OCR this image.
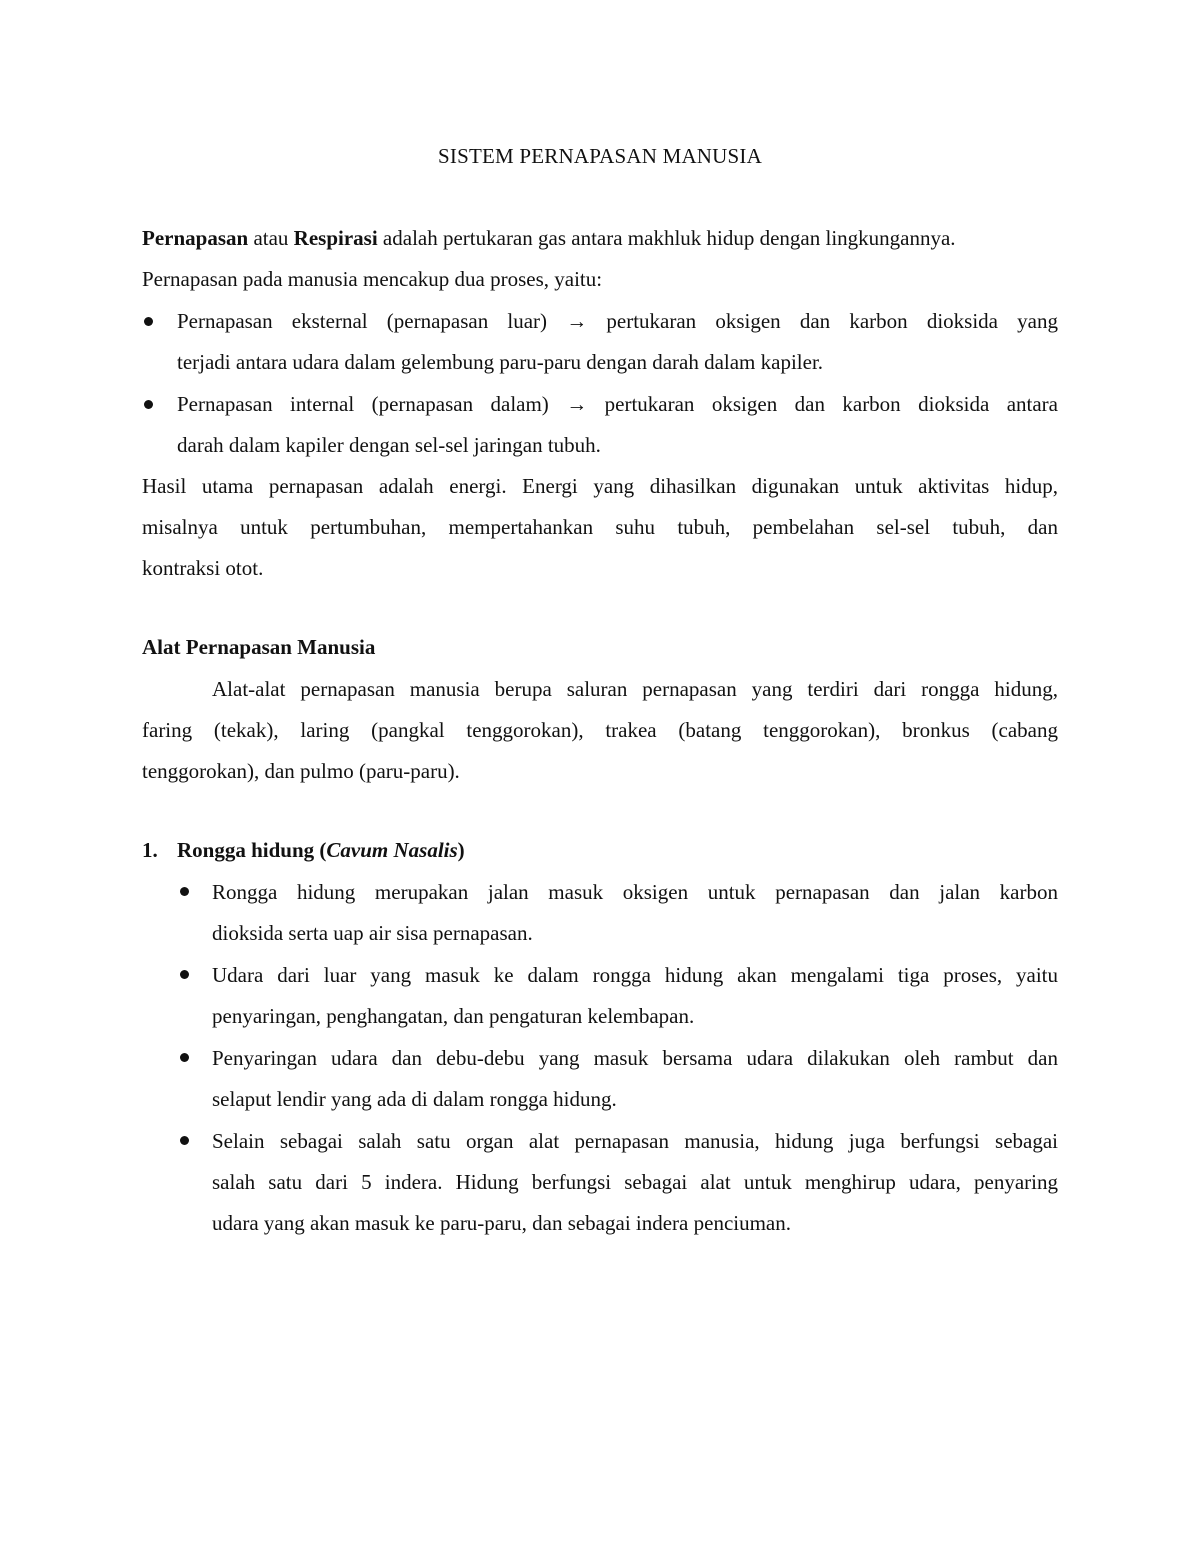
SISTEM PERNAPASAN MANUSIA
Pernapasan atau Respirasi adalah pertukaran gas antara makhluk hidup dengan lingkungannya.
Pernapasan pada manusia mencakup dua proses, yaitu:
Pernapasan eksternal (pernapasan luar) → pertukaran oksigen dan karbon dioksida yang
terjadi antara udara dalam gelembung paru-paru dengan darah dalam kapiler.
Pernapasan internal (pernapasan dalam) → pertukaran oksigen dan karbon dioksida antara
darah dalam kapiler dengan sel-sel jaringan tubuh.
Hasil utama pernapasan adalah energi. Energi yang dihasilkan digunakan untuk aktivitas hidup,
misalnya untuk pertumbuhan, mempertahankan suhu tubuh, pembelahan sel-sel tubuh, dan
kontraksi otot.
Alat Pernapasan Manusia
Alat-alat pernapasan manusia berupa saluran pernapasan yang terdiri dari rongga hidung,
faring (tekak), laring (pangkal tenggorokan), trakea (batang tenggorokan), bronkus (cabang
tenggorokan), dan pulmo (paru-paru).
1. Rongga hidung (Cavum Nasalis)
Rongga hidung merupakan jalan masuk oksigen untuk pernapasan dan jalan karbon
dioksida serta uap air sisa pernapasan.
Udara dari luar yang masuk ke dalam rongga hidung akan mengalami tiga proses, yaitu
penyaringan, penghangatan, dan pengaturan kelembapan.
Penyaringan udara dan debu-debu yang masuk bersama udara dilakukan oleh rambut dan
selaput lendir yang ada di dalam rongga hidung.
Selain sebagai salah satu organ alat pernapasan manusia, hidung juga berfungsi sebagai
salah satu dari 5 indera. Hidung berfungsi sebagai alat untuk menghirup udara, penyaring
udara yang akan masuk ke paru-paru, dan sebagai indera penciuman.
